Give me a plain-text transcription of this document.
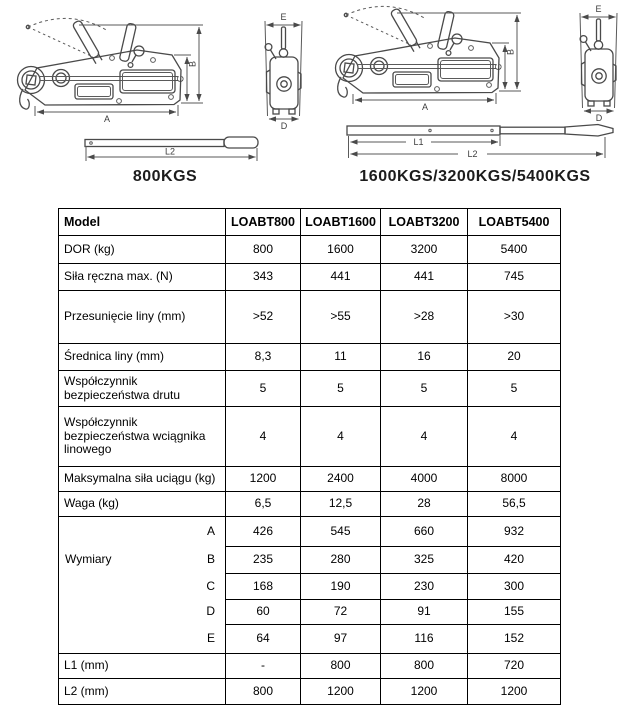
A
C
B
E
D
L2
L1
L2
800KGS	1600KGS/3200KGS/5400KGS
Model	LOABT800	LOABT1600	LOABT3200	LOABT5400
DOR (kg)	800	1600	3200	5400
Siła ręczna max. (N)	343	441	441	745
Przesunięcie liny (mm)	>52	>55	>28	>30
Średnica liny (mm)	8,3	11	16	20
Współczynnik bezpieczeństwa drutu	5	5	5	5
Współczynnik bezpieczeństwa wciągnika linowego	4	4	4	4
Maksymalna siła uciągu (kg)	1200	2400	4000	8000
Waga (kg)	6,5	12,5	28	56,5
A	426	545	660	932

Wymiary B	235	280	325	420
C	168	190	230	300
D	60	72	91	155
E	64	97	116	152
L1 (mm)	-	800	800	720
L2 (mm)	800	1200	1200	1200
